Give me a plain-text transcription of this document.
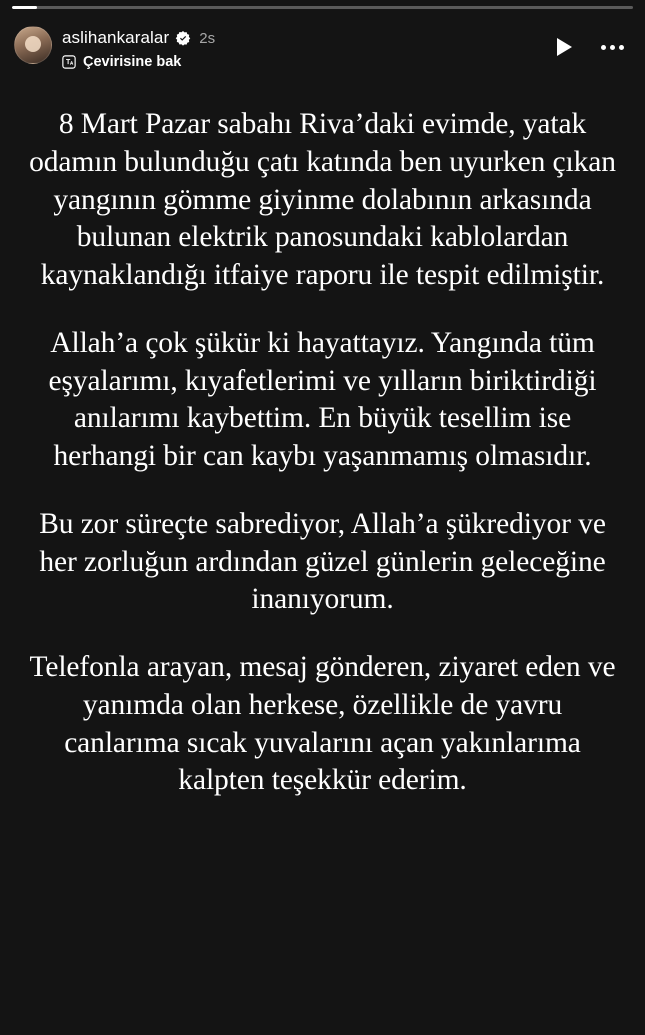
aslihankaralar 2s
Çevirisine bak

8 Mart Pazar sabahı Riva’daki evimde, yatak odamın bulunduğu çatı katında ben uyurken çıkan yangının gömme giyinme dolabının arkasında bulunan elektrik panosundaki kablolardan kaynaklandığı itfaiye raporu ile tespit edilmiştir.

Allah’a çok şükür ki hayattayız. Yangında tüm eşyalarımı, kıyafetlerimi ve yılların biriktirdiği anılarımı kaybettim. En büyük tesellim ise herhangi bir can kaybı yaşanmamış olmasıdır.

Bu zor süreçte sabrediyor, Allah’a şükrediyor ve her zorluğun ardından güzel günlerin geleceğine inanıyorum.

Telefonla arayan, mesaj gönderen, ziyaret eden ve yanımda olan herkese, özellikle de yavru canlarıma sıcak yuvalarını açan yakınlarıma kalpten teşekkür ederim.
